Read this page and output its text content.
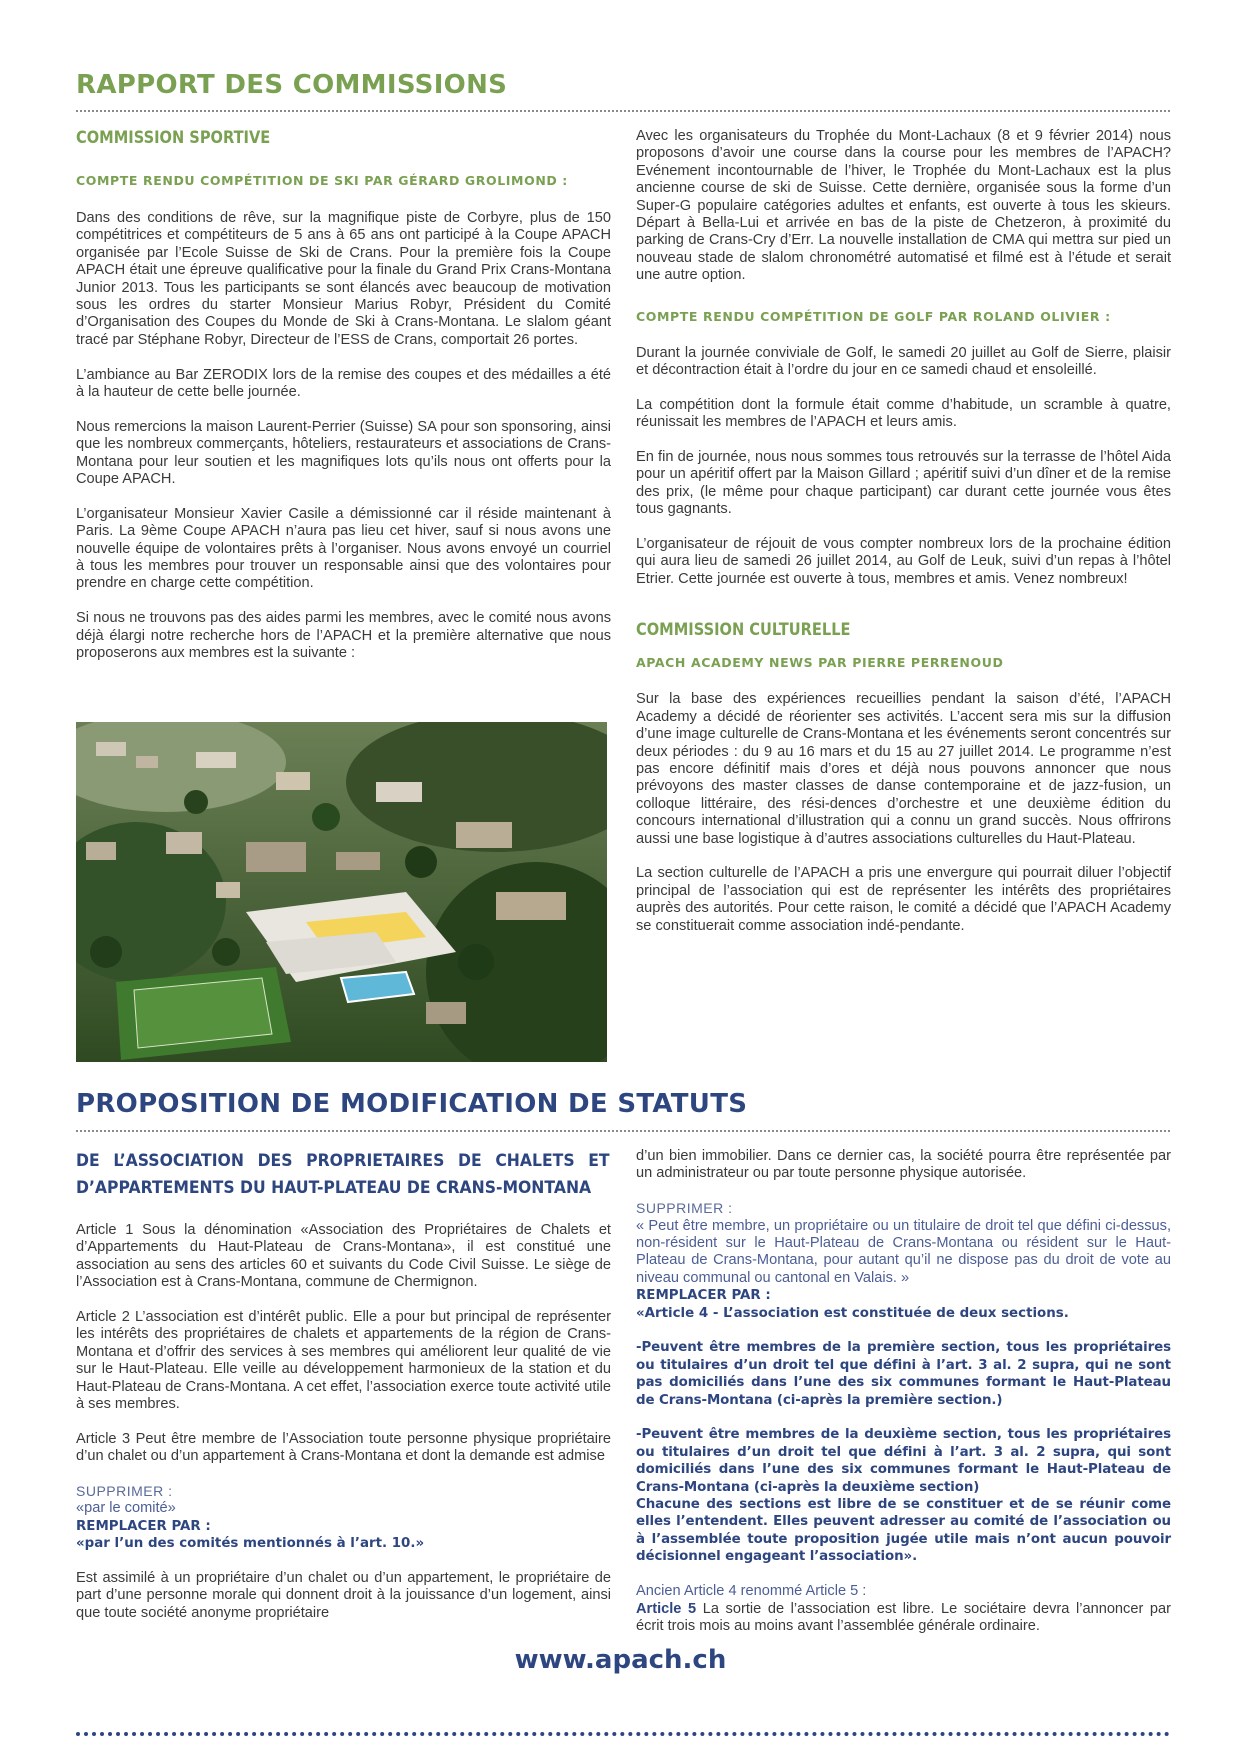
RAPPORT DES COMMISSIONS
COMMISSION SPORTIVE
COMPTE RENDU COMPÉTITION DE SKI PAR GÉRARD GROLIMOND :
Dans des conditions de rêve, sur la magnifique piste de Corbyre, plus de 150 compétitrices et compétiteurs de 5 ans à 65 ans ont participé à la Coupe APACH organisée par l’Ecole Suisse de Ski de Crans. Pour la première fois la Coupe APACH était une épreuve qualificative pour la finale du Grand Prix Crans-Montana Junior 2013. Tous les participants se sont élancés avec beaucoup de motivation sous les ordres du starter Monsieur Marius Robyr, Président du Comité d’Organisation des Coupes du Monde de Ski à Crans-Montana. Le slalom géant tracé par Stéphane Robyr, Directeur de l’ESS de Crans, comportait 26 portes.
L’ambiance au Bar ZERODIX lors de la remise des coupes et des médailles a été à la hauteur de cette belle journée.
Nous remercions la maison Laurent-Perrier (Suisse) SA pour son sponsoring, ainsi que les nombreux commerçants, hôteliers, restaurateurs et associations de Crans-Montana pour leur soutien et les magnifiques lots qu’ils nous ont offerts pour la Coupe APACH.
L’organisateur Monsieur Xavier Casile a démissionné car il réside maintenant à Paris. La 9ème Coupe APACH n’aura pas lieu cet hiver, sauf si nous avons une nouvelle équipe de volontaires prêts à l’organiser. Nous avons envoyé un courriel à tous les membres pour trouver un responsable ainsi que des volontaires pour prendre en charge cette compétition.
Si nous ne trouvons pas des aides parmi les membres, avec le comité nous avons déjà élargi notre recherche hors de l’APACH et la première alternative que nous proposerons aux membres est la suivante :
Avec les organisateurs du Trophée du Mont-Lachaux (8 et 9 février 2014) nous proposons d’avoir une course dans la course pour les membres de l’APACH? Evénement incontournable de l’hiver, le Trophée du Mont-Lachaux est la plus ancienne course de ski de Suisse. Cette dernière, organisée sous la forme d’un Super-G populaire catégories adultes et enfants, est ouverte à tous les skieurs. Départ à Bella-Lui et arrivée en bas de la piste de Chetzeron, à proximité du parking de Crans-Cry d’Err. La nouvelle installation de CMA qui mettra sur pied un nouveau stade de slalom chronométré automatisé et filmé est à l’étude et serait une autre option.
COMPTE RENDU COMPÉTITION DE GOLF PAR ROLAND OLIVIER :
Durant la journée conviviale de Golf, le samedi 20 juillet au Golf de Sierre, plaisir et décontraction était à l’ordre du jour en ce samedi chaud et ensoleillé.
La compétition dont la formule était comme d’habitude, un scramble à quatre, réunissait les membres de l’APACH et leurs amis.
En fin de journée, nous nous sommes tous retrouvés sur la terrasse de l’hôtel Aida pour un apéritif offert par la Maison Gillard ; apéritif suivi d’un dîner et de la remise des prix, (le même pour chaque participant) car durant cette journée vous êtes tous gagnants.
L’organisateur de réjouit de vous compter nombreux lors de la prochaine édition qui aura lieu de samedi 26 juillet 2014, au Golf de Leuk, suivi d’un repas à l’hôtel Etrier. Cette journée est ouverte à tous, membres et amis. Venez nombreux!
COMMISSION CULTURELLE
APACH ACADEMY NEWS PAR PIERRE PERRENOUD
Sur la base des expériences recueillies pendant la saison d’été, l’APACH Academy a décidé de réorienter ses activités. L’accent sera mis sur la diffusion d’une image culturelle de Crans-Montana et les événements seront concentrés sur deux périodes : du 9 au 16 mars et du 15 au 27 juillet 2014. Le programme n’est pas encore définitif mais d’ores et déjà nous pouvons annoncer que nous prévoyons des master classes de danse contemporaine et de jazz-fusion, un colloque littéraire, des rési-dences d’orchestre et une deuxième édition du concours international d’illustration qui a connu un grand succès. Nous offrirons aussi une base logistique à d’autres associations culturelles du Haut-Plateau.
La section culturelle de l’APACH a pris une envergure qui pourrait diluer l’objectif principal de l’association qui est de représenter les intérêts des propriétaires auprès des autorités. Pour cette raison, le comité a décidé que l’APACH Academy se constituerait comme association indé-pendante.
PROPOSITION DE MODIFICATION DE STATUTS
DE L’ASSOCIATION DES PROPRIETAIRES DE CHALETS ET D’APPARTEMENTS DU HAUT-PLATEAU DE CRANS-MONTANA
Article 1 Sous la dénomination «Association des Propriétaires de Chalets et d’Appartements du Haut-Plateau de Crans-Montana», il est constitué une association au sens des articles 60 et suivants du Code Civil Suisse. Le siège de l’Association est à Crans-Montana, commune de Chermignon.
Article 2 L’association est d’intérêt public. Elle a pour but principal de représenter les intérêts des propriétaires de chalets et appartements de la région de Crans-Montana et d’offrir des services à ses membres qui améliorent leur qualité de vie sur le Haut-Plateau. Elle veille au développement harmonieux de la station et du Haut-Plateau de Crans-Montana. A cet effet, l’association exerce toute activité utile à ses membres.
Article 3 Peut être membre de l’Association toute personne physique propriétaire d’un chalet ou d’un appartement à Crans-Montana et dont la demande est admise
SUPPRIMER :
«par le comité»
REMPLACER PAR :
«par l’un des comités mentionnés à l’art. 10.»
Est assimilé à un propriétaire d’un chalet ou d’un appartement, le propriétaire de part d’une personne morale qui donnent droit à la jouissance d’un logement, ainsi que toute société anonyme propriétaire
d’un bien immobilier. Dans ce dernier cas, la société pourra être représentée par un administrateur ou par toute personne physique autorisée.
SUPPRIMER :
« Peut être membre, un propriétaire ou un titulaire de droit tel que défini ci-dessus, non-résident sur le Haut-Plateau de Crans-Montana ou résident sur le Haut-Plateau de Crans-Montana, pour autant qu’il ne dispose pas du droit de vote au niveau communal ou cantonal en Valais. »
REMPLACER PAR :
«Article 4 - L’association est constituée de deux sections.
-Peuvent être membres de la première section, tous les propriétaires ou titulaires d’un droit tel que défini à l’art. 3 al. 2 supra, qui ne sont pas domiciliés dans l’une des six communes formant le Haut-Plateau de Crans-Montana (ci-après la première section.)
-Peuvent être membres de la deuxième section, tous les propriétaires ou titulaires d’un droit tel que défini à l’art. 3 al. 2 supra, qui sont domiciliés dans l’une des six communes formant le Haut-Plateau de Crans-Montana (ci-après la deuxième section)
Chacune des sections est libre de se constituer et de se réunir come elles l’entendent. Elles peuvent adresser au comité de l’association ou à l’assemblée toute proposition jugée utile mais n’ont aucun pouvoir décisionnel engageant l’association».
Ancien Article 4 renommé Article 5 :
Article 5 La sortie de l’association est libre. Le sociétaire devra l’annoncer par écrit trois mois au moins avant l’assemblée générale ordinaire.
www.apach.ch
